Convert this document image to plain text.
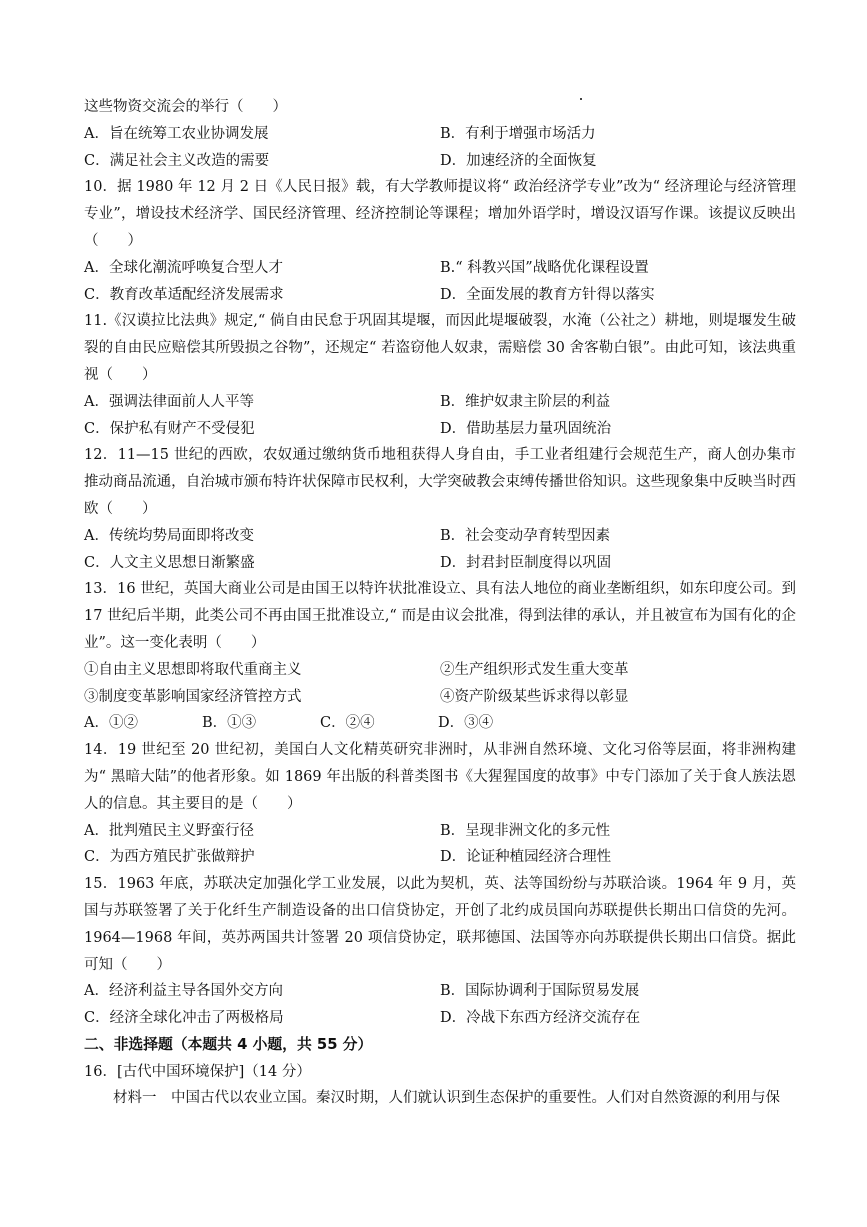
这些物资交流会的举行（　　）
A．旨在统筹工农业协调发展	B．有利于增强市场活力
C．满足社会主义改造的需要	D．加速经济的全面恢复
10．据 1980 年 12 月 2 日《人民日报》载，有大学教师提议将“ 政治经济学专业”改为“ 经济理论与经济管理专业”，增设技术经济学、国民经济管理、经济控制论等课程；增加外语学时，增设汉语写作课。该提议反映出（　　）
A．全球化潮流呼唤复合型人才	B.“ 科教兴国”战略优化课程设置
C．教育改革适配经济发展需求	D．全面发展的教育方针得以落实
11.《汉谟拉比法典》规定,“ 倘自由民怠于巩固其堤堰，而因此堤堰破裂，水淹（公社之）耕地，则堤堰发生破裂的自由民应赔偿其所毁损之谷物”，还规定“ 若盗窃他人奴隶，需赔偿 30 舍客勒白银”。由此可知，该法典重视（　　）
A．强调法律面前人人平等	B．维护奴隶主阶层的利益
C．保护私有财产不受侵犯	D．借助基层力量巩固统治
12．11—15 世纪的西欧，农奴通过缴纳货币地租获得人身自由，手工业者组建行会规范生产，商人创办集市推动商品流通，自治城市颁布特许状保障市民权利，大学突破教会束缚传播世俗知识。这些现象集中反映当时西欧（　　）
A．传统均势局面即将改变	B．社会变动孕育转型因素
C．人文主义思想日渐繁盛	D．封君封臣制度得以巩固
13．16 世纪，英国大商业公司是由国王以特许状批准设立、具有法人地位的商业垄断组织，如东印度公司。到 17 世纪后半期，此类公司不再由国王批准设立,“ 而是由议会批准，得到法律的承认，并且被宣布为国有化的企业”。这一变化表明（　　）
①自由主义思想即将取代重商主义	②生产组织形式发生重大变革
③制度变革影响国家经济管控方式	④资产阶级某些诉求得以彰显
A．①②	B．①③	C．②④	D．③④
14．19 世纪至 20 世纪初，美国白人文化精英研究非洲时，从非洲自然环境、文化习俗等层面，将非洲构建为“ 黑暗大陆”的他者形象。如 1869 年出版的科普类图书《大猩猩国度的故事》中专门添加了关于食人族法恩人的信息。其主要目的是（　　）
A．批判殖民主义野蛮行径	B．呈现非洲文化的多元性
C．为西方殖民扩张做辩护	D．论证种植园经济合理性
15．1963 年底，苏联决定加强化学工业发展，以此为契机，英、法等国纷纷与苏联洽谈。1964 年 9 月，英国与苏联签署了关于化纤生产制造设备的出口信贷协定，开创了北约成员国向苏联提供长期出口信贷的先河。1964—1968 年间，英苏两国共计签署 20 项信贷协定，联邦德国、法国等亦向苏联提供长期出口信贷。据此可知（　　）
A．经济利益主导各国外交方向	B．国际协调利于国际贸易发展
C．经济全球化冲击了两极格局	D．冷战下东西方经济交流存在
二、非选择题（本题共 4 小题，共 55 分）
16．[古代中国环境保护]（14 分）
材料一　中国古代以农业立国。秦汉时期，人们就认识到生态保护的重要性。人们对自然资源的利用与保
